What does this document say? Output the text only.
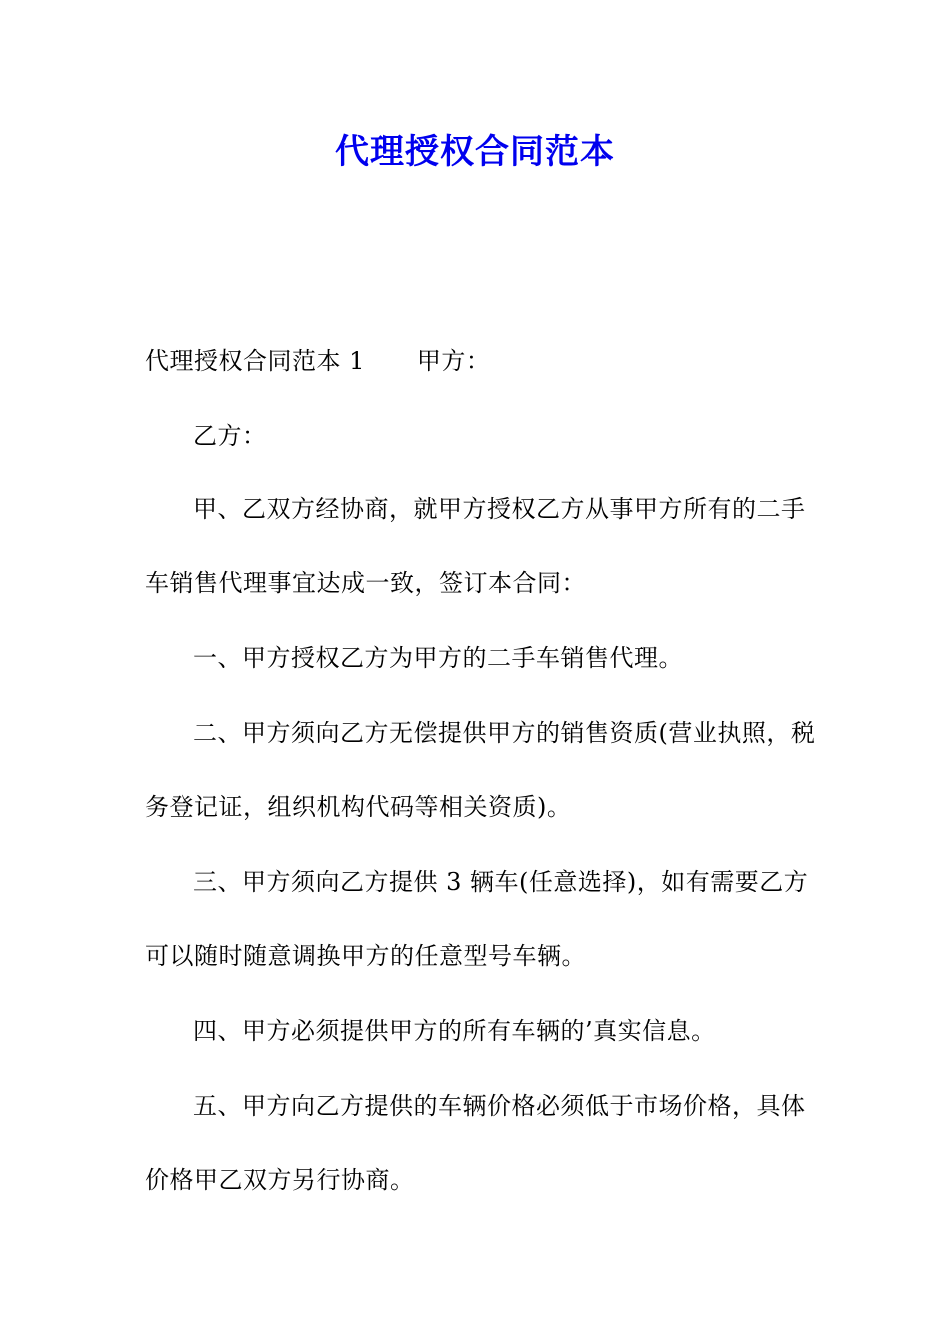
代理授权合同范本
代理授权合同范本 1 甲方：
乙方：
甲、乙双方经协商，就甲方授权乙方从事甲方所有的二手
车销售代理事宜达成一致，签订本合同：
一、甲方授权乙方为甲方的二手车销售代理。
二、甲方须向乙方无偿提供甲方的销售资质(营业执照，税
务登记证，组织机构代码等相关资质)。
三、甲方须向乙方提供 3 辆车(任意选择)，如有需要乙方
可以随时随意调换甲方的任意型号车辆。
四、甲方必须提供甲方的所有车辆的’真实信息。
五、甲方向乙方提供的车辆价格必须低于市场价格，具体
价格甲乙双方另行协商。
